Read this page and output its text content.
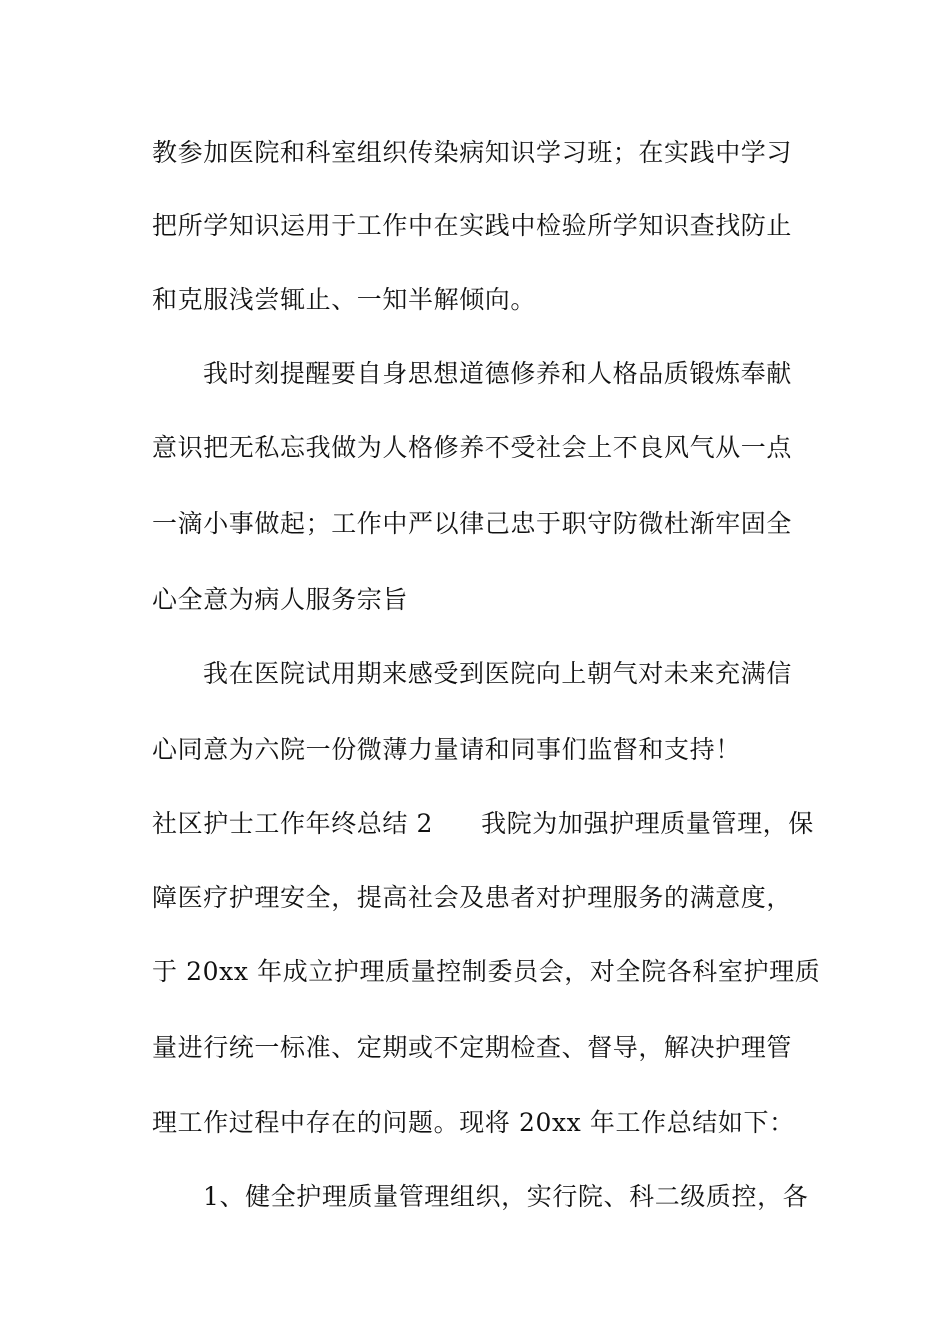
教参加医院和科室组织传染病知识学习班；在实践中学习
把所学知识运用于工作中在实践中检验所学知识查找防止
和克服浅尝辄止、一知半解倾向。
我时刻提醒要自身思想道德修养和人格品质锻炼奉献
意识把无私忘我做为人格修养不受社会上不良风气从一点
一滴小事做起；工作中严以律己忠于职守防微杜渐牢固全
心全意为病人服务宗旨
我在医院试用期来感受到医院向上朝气对未来充满信
心同意为六院一份微薄力量请和同事们监督和支持！
社区护士工作年终总结 2 我院为加强护理质量管理，保
障医疗护理安全，提高社会及患者对护理服务的满意度，
于 20xx 年成立护理质量控制委员会，对全院各科室护理质
量进行统一标准、定期或不定期检查、督导，解决护理管
理工作过程中存在的问题。现将 20xx 年工作总结如下：
1、健全护理质量管理组织，实行院、科二级质控，各
